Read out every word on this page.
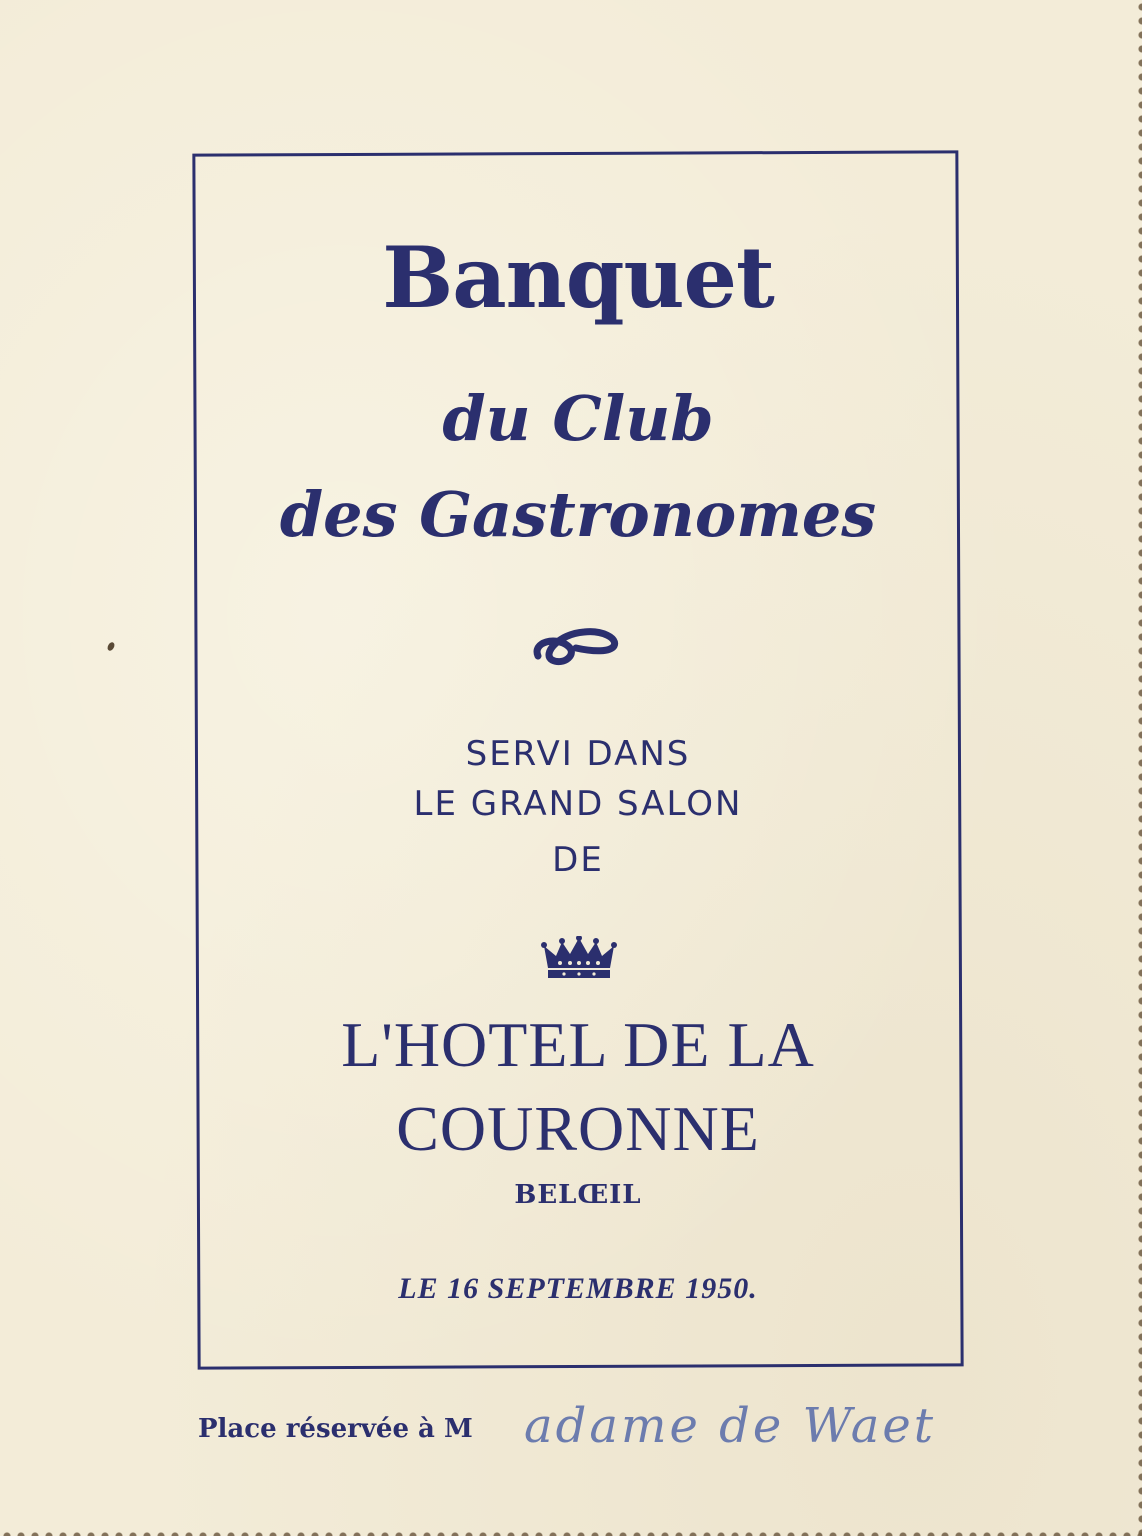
Banquet
du Club
des Gastronomes
SERVI DANS
LE GRAND SALON
DE
L'HOTEL DE LA
COURONNE
BELŒIL
LE 16 SEPTEMBRE 1950.
Place réservée à M adame de Waet
